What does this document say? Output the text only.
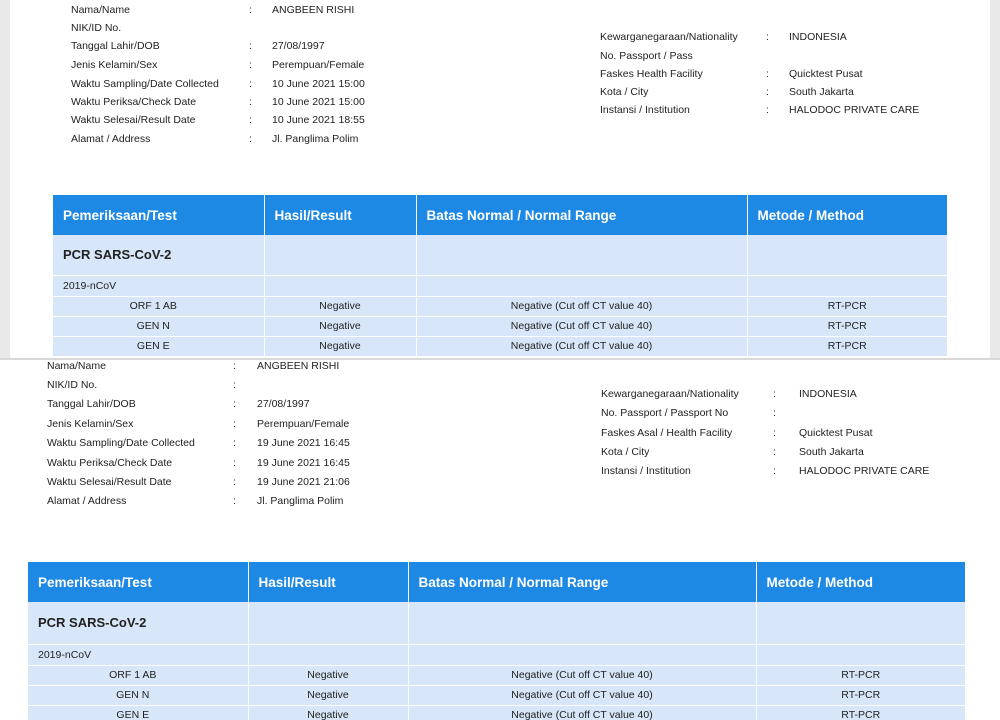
Nama/Name	: ANGBEEN RISHI
NIK/ID No.
Tanggal Lahir/DOB	: 27/08/1997
Jenis Kelamin/Sex	: Perempuan/Female
Waktu Sampling/Date Collected	: 10 June 2021 15:00
Waktu Periksa/Check Date	: 10 June 2021 15:00
Waktu Selesai/Result Date	: 10 June 2021 18:55
Alamat / Address	: Jl. Panglima Polim
Kewarganegaraan/Nationality	: INDONESIA
No. Passport / Pass
Faskes Health Facility	: Quicktest Pusat
Kota / City	: South Jakarta
Instansi / Institution	: HALODOC PRIVATE CARE
Pemeriksaan/Test	Hasil/Result	Batas Normal / Normal Range	Metode / Method
PCR SARS-CoV-2			
2019-nCoV			
ORF 1 AB	Negative	Negative (Cut off CT value 40)	RT-PCR
GEN N	Negative	Negative (Cut off CT value 40)	RT-PCR
GEN E	Negative	Negative (Cut off CT value 40)	RT-PCR
Nama/Name	: ANGBEEN RISHI
NIK/ID No.	:
Tanggal Lahir/DOB	: 27/08/1997
Jenis Kelamin/Sex	: Perempuan/Female
Waktu Sampling/Date Collected	: 19 June 2021 16:45
Waktu Periksa/Check Date	: 19 June 2021 16:45
Waktu Selesai/Result Date	: 19 June 2021 21:06
Alamat / Address	: Jl. Panglima Polim
Kewarganegaraan/Nationality	: INDONESIA
No. Passport / Passport No	:
Faskes Asal / Health Facility	: Quicktest Pusat
Kota / City	: South Jakarta
Instansi / Institution	: HALODOC PRIVATE CARE
Pemeriksaan/Test	Hasil/Result	Batas Normal / Normal Range	Metode / Method
PCR SARS-CoV-2			
2019-nCoV			
ORF 1 AB	Negative	Negative (Cut off CT value 40)	RT-PCR
GEN N	Negative	Negative (Cut off CT value 40)	RT-PCR
GEN E	Negative	Negative (Cut off CT value 40)	RT-PCR
